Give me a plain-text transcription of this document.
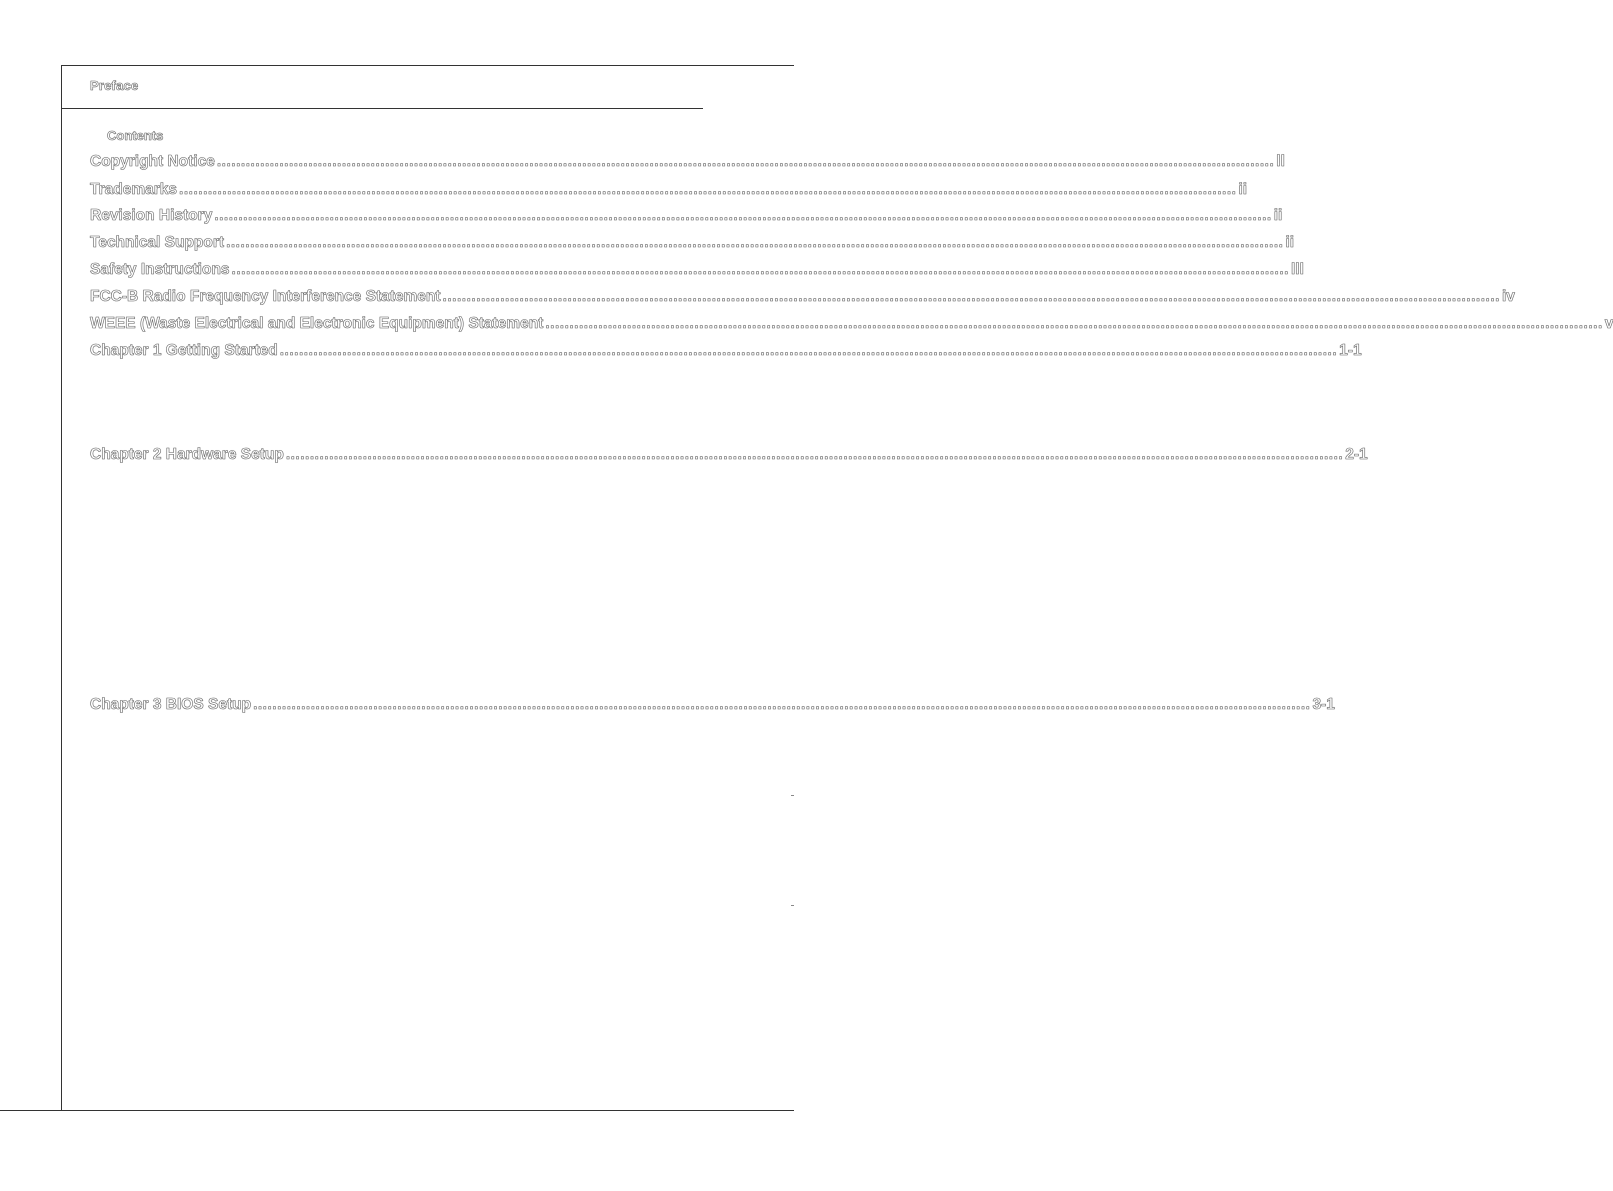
Preface
Contents
Copyright Notice ............................................................................................................................................................................................................................ ll
Trademarks ............................................................................................................................................................................................................................ ii
Revision History ............................................................................................................................................................................................................................ ii
Technical Support ............................................................................................................................................................................................................................ ii
Safety Instructions ............................................................................................................................................................................................................................ lll
FCC-B Radio Frequency Interference Statement ............................................................................................................................................................................................................................ iv
WEEE (Waste Electrical and Electronic Equipment) Statement ............................................................................................................................................................................................................................ v
Chapter 1 Getting Started ............................................................................................................................................................................................................................ 1-1
Chapter 2 Hardware Setup ............................................................................................................................................................................................................................ 2-1
Chapter 3 BIOS Setup ............................................................................................................................................................................................................................ 3-1
